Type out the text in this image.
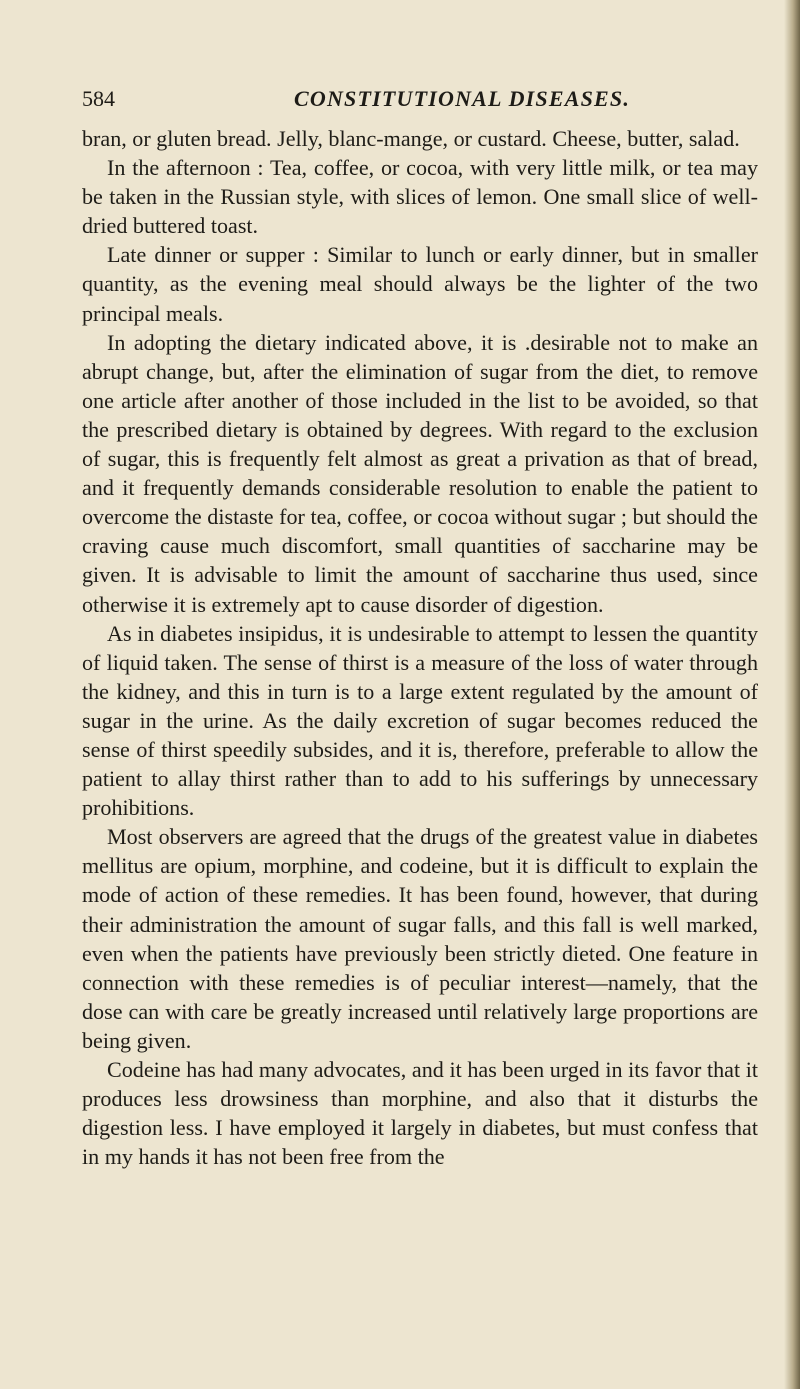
584	CONSTITUTIONAL DISEASES.

bran, or gluten bread. Jelly, blanc-mange, or custard. Cheese, butter, salad.

In the afternoon : Tea, coffee, or cocoa, with very little milk, or tea may be taken in the Russian style, with slices of lemon. One small slice of well-dried buttered toast.

Late dinner or supper : Similar to lunch or early dinner, but in smaller quantity, as the evening meal should always be the lighter of the two principal meals.

In adopting the dietary indicated above, it is .desirable not to make an abrupt change, but, after the elimination of sugar from the diet, to remove one article after another of those included in the list to be avoided, so that the prescribed dietary is obtained by degrees. With regard to the exclusion of sugar, this is frequently felt almost as great a privation as that of bread, and it frequently demands considerable resolution to enable the patient to overcome the distaste for tea, coffee, or cocoa without sugar ; but should the craving cause much discomfort, small quantities of saccharine may be given. It is advisable to limit the amount of saccharine thus used, since otherwise it is extremely apt to cause disorder of digestion.

As in diabetes insipidus, it is undesirable to attempt to lessen the quantity of liquid taken. The sense of thirst is a measure of the loss of water through the kidney, and this in turn is to a large extent regulated by the amount of sugar in the urine. As the daily excretion of sugar becomes reduced the sense of thirst speedily subsides, and it is, therefore, preferable to allow the patient to allay thirst rather than to add to his sufferings by unnecessary prohibitions.

Most observers are agreed that the drugs of the greatest value in diabetes mellitus are opium, morphine, and codeine, but it is difficult to explain the mode of action of these remedies. It has been found, however, that during their administration the amount of sugar falls, and this fall is well marked, even when the patients have previously been strictly dieted. One feature in connection with these remedies is of peculiar interest—namely, that the dose can with care be greatly increased until relatively large proportions are being given.

Codeine has had many advocates, and it has been urged in its favor that it produces less drowsiness than morphine, and also that it disturbs the digestion less. I have employed it largely in diabetes, but must confess that in my hands it has not been free from the
